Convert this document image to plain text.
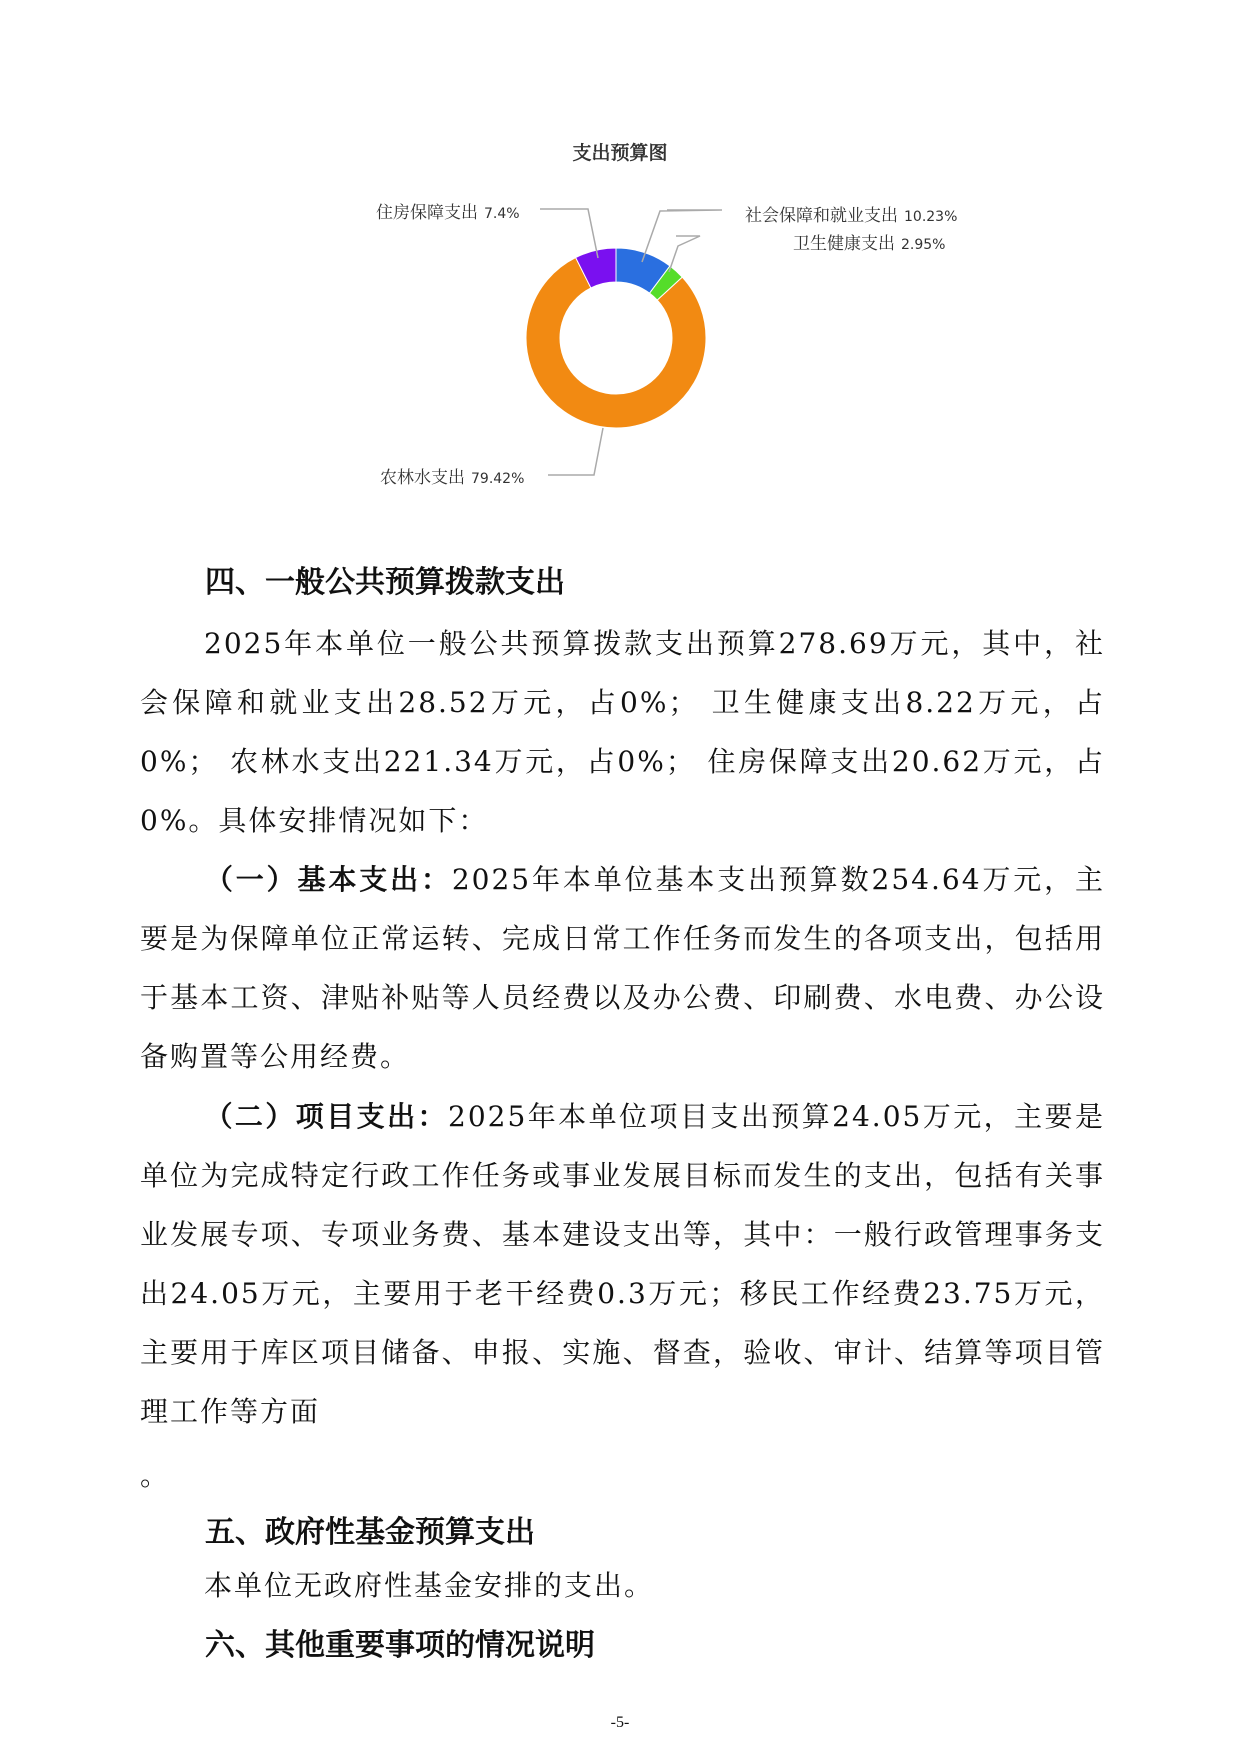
支出预算图
住房保障支出 7.4%	社会保障和就业支出 10.23%
卫生健康支出 2.95%
农林水支出 79.42%
四、一般公共预算拨款支出

2025年本单位一般公共预算拨款支出预算278.69万元，其中，社会保障和就业支出28.52万元，占0%； 卫生健康支出8.22万元，占0%； 农林水支出221.34万元，占0%； 住房保障支出20.62万元，占0%。具体安排情况如下：

（一）基本支出：2025年本单位基本支出预算数254.64万元，主要是为保障单位正常运转、完成日常工作任务而发生的各项支出，包括用于基本工资、津贴补贴等人员经费以及办公费、印刷费、水电费、办公设备购置等公用经费。

（二）项目支出：2025年本单位项目支出预算24.05万元，主要是单位为完成特定行政工作任务或事业发展目标而发生的支出，包括有关事业发展专项、专项业务费、基本建设支出等，其中：一般行政管理事务支出24.05万元，主要用于老干经费0.3万元；移民工作经费23.75万元，主要用于库区项目储备、申报、实施、督查，验收、审计、结算等项目管理工作等方面

。
五、政府性基金预算支出

本单位无政府性基金安排的支出。

六、其他重要事项的情况说明
-5-
